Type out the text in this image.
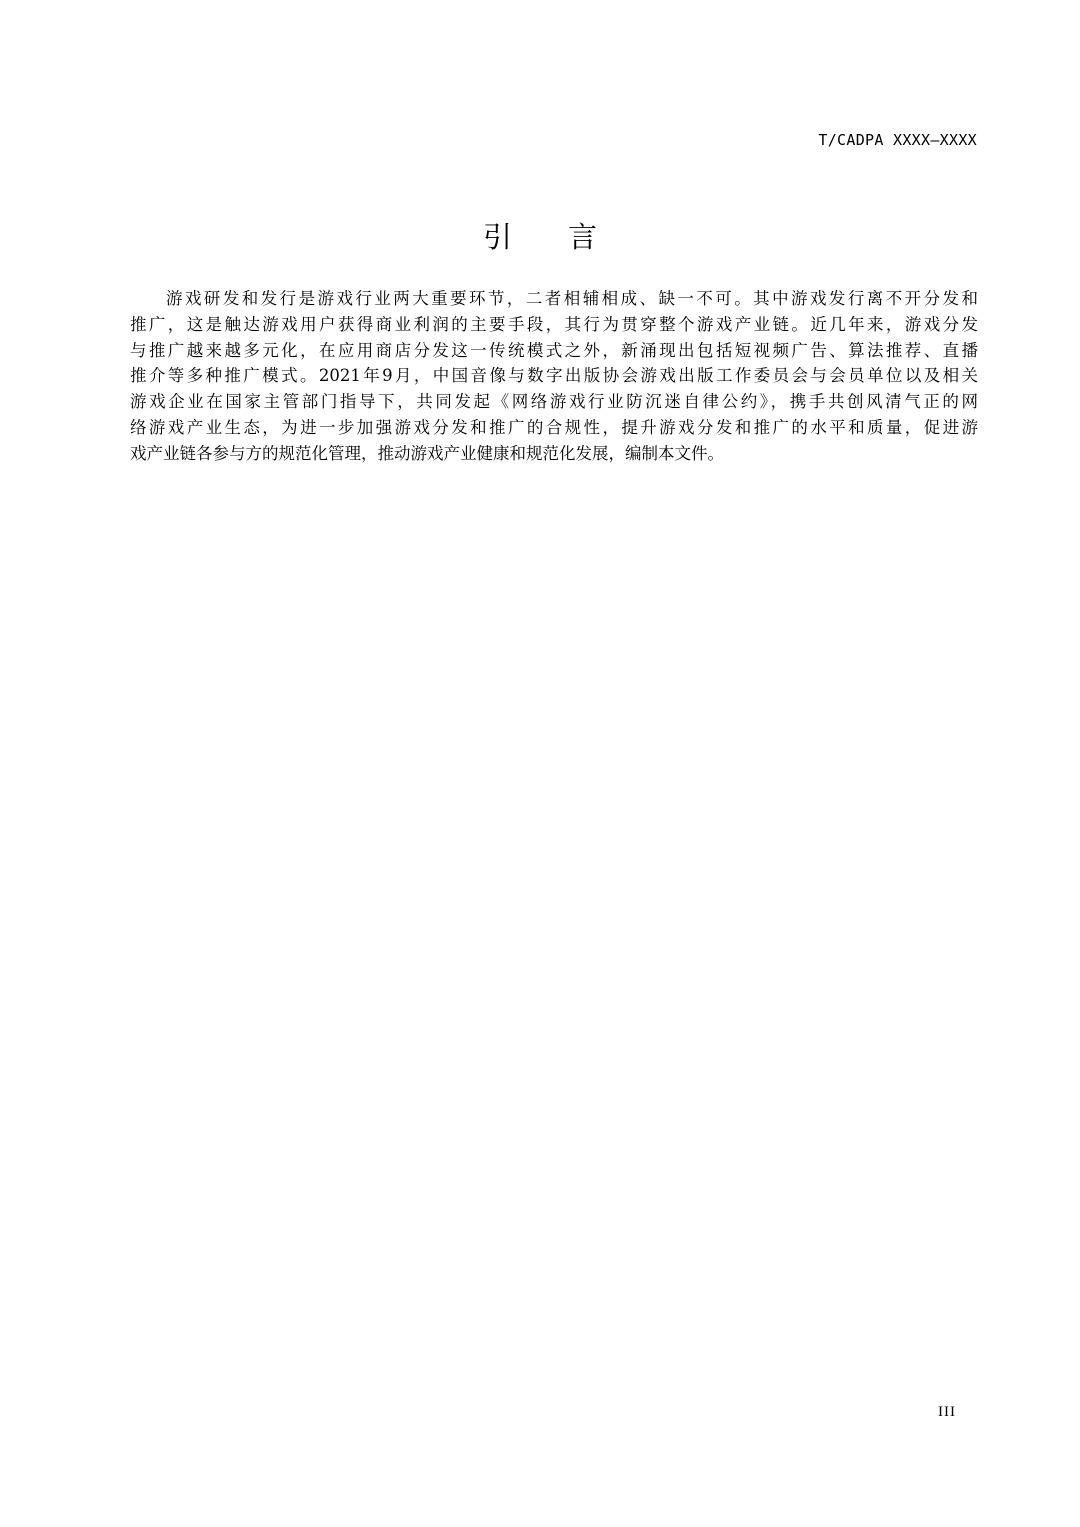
T/CADPA XXXX—XXXX
引 言
游戏研发和发行是游戏行业两大重要环节，二者相辅相成、缺一不可。其中游戏发行离不开分发和
推广，这是触达游戏用户获得商业利润的主要手段，其行为贯穿整个游戏产业链。近几年来，游戏分发
与推广越来越多元化，在应用商店分发这一传统模式之外，新涌现出包括短视频广告、算法推荐、直播
推介等多种推广模式。2021年9月，中国音像与数字出版协会游戏出版工作委员会与会员单位以及相关
游戏企业在国家主管部门指导下，共同发起《网络游戏行业防沉迷自律公约》，携手共创风清气正的网
络游戏产业生态，为进一步加强游戏分发和推广的合规性，提升游戏分发和推广的水平和质量，促进游
戏产业链各参与方的规范化管理，推动游戏产业健康和规范化发展，编制本文件。
III
